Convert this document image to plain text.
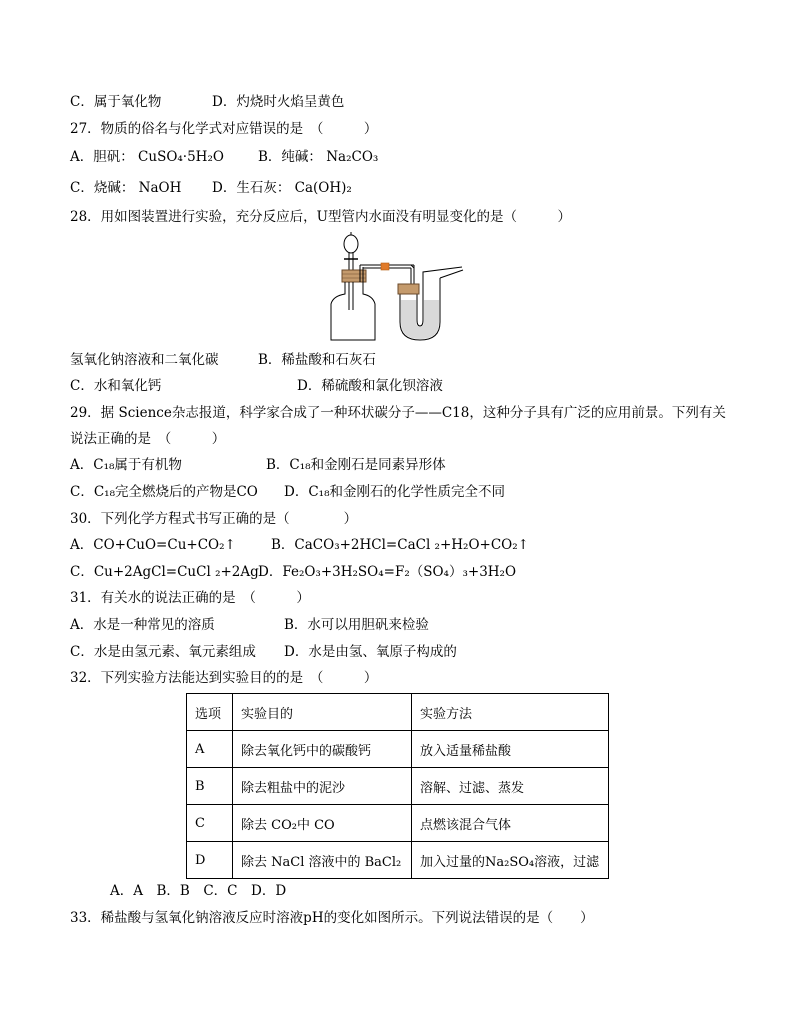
C．属于氧化物	D．灼烧时火焰呈黄色
27．物质的俗名与化学式对应错误的是　（　　　）
A．胆矾： CuSO₄·5H₂O	B．纯碱： Na₂CO₃
C．烧碱： NaOH D．生石灰： Ca(OH)₂
28．用如图装置进行实验，充分反应后，U型管内水面没有明显变化的是（　　　）
氢氧化钠溶液和二氧化碳	B．稀盐酸和石灰石
C．水和氧化钙	D．稀硫酸和氯化钡溶液
29．据 Science杂志报道，科学家合成了一种环状碳分子——C18，这种分子具有广泛的应用前景。下列有关
说法正确的是　（　　　）
A．C₁₈属于有机物	B．C₁₈和金刚石是同素异形体
C．C₁₈完全燃烧后的产物是CO D．C₁₈和金刚石的化学性质完全不同
30．下列化学方程式书写正确的是（　　　　）
A．CO+CuO=Cu+CO₂↑	B．CaCO₃+2HCl=CaCl ₂+H₂O+CO₂↑
C．Cu+2AgCl=CuCl ₂+2Ag D．Fe₂O₃+3H₂SO₄=F₂（SO₄）₃+3H₂O
31．有关水的说法正确的是　（　　　）
A．水是一种常见的溶质	B．水可以用胆矾来检验
C．水是由氢元素、氧元素组成 D．水是由氢、氧原子构成的
32．下列实验方法能达到实验目的的是　（　　　）
选项	实验目的	实验方法
A	除去氧化钙中的碳酸钙	放入适量稀盐酸
B	除去粗盐中的泥沙	溶解、过滤、蒸发
C	除去 CO₂中 CO	点燃该混合气体
D	除去 NaCl 溶液中的 BaCl₂	加入过量的Na₂SO₄溶液，过滤
A．A　B．B　C．C　D．D
33．稀盐酸与氢氧化钠溶液反应时溶液pH的变化如图所示。下列说法错误的是（　　）
